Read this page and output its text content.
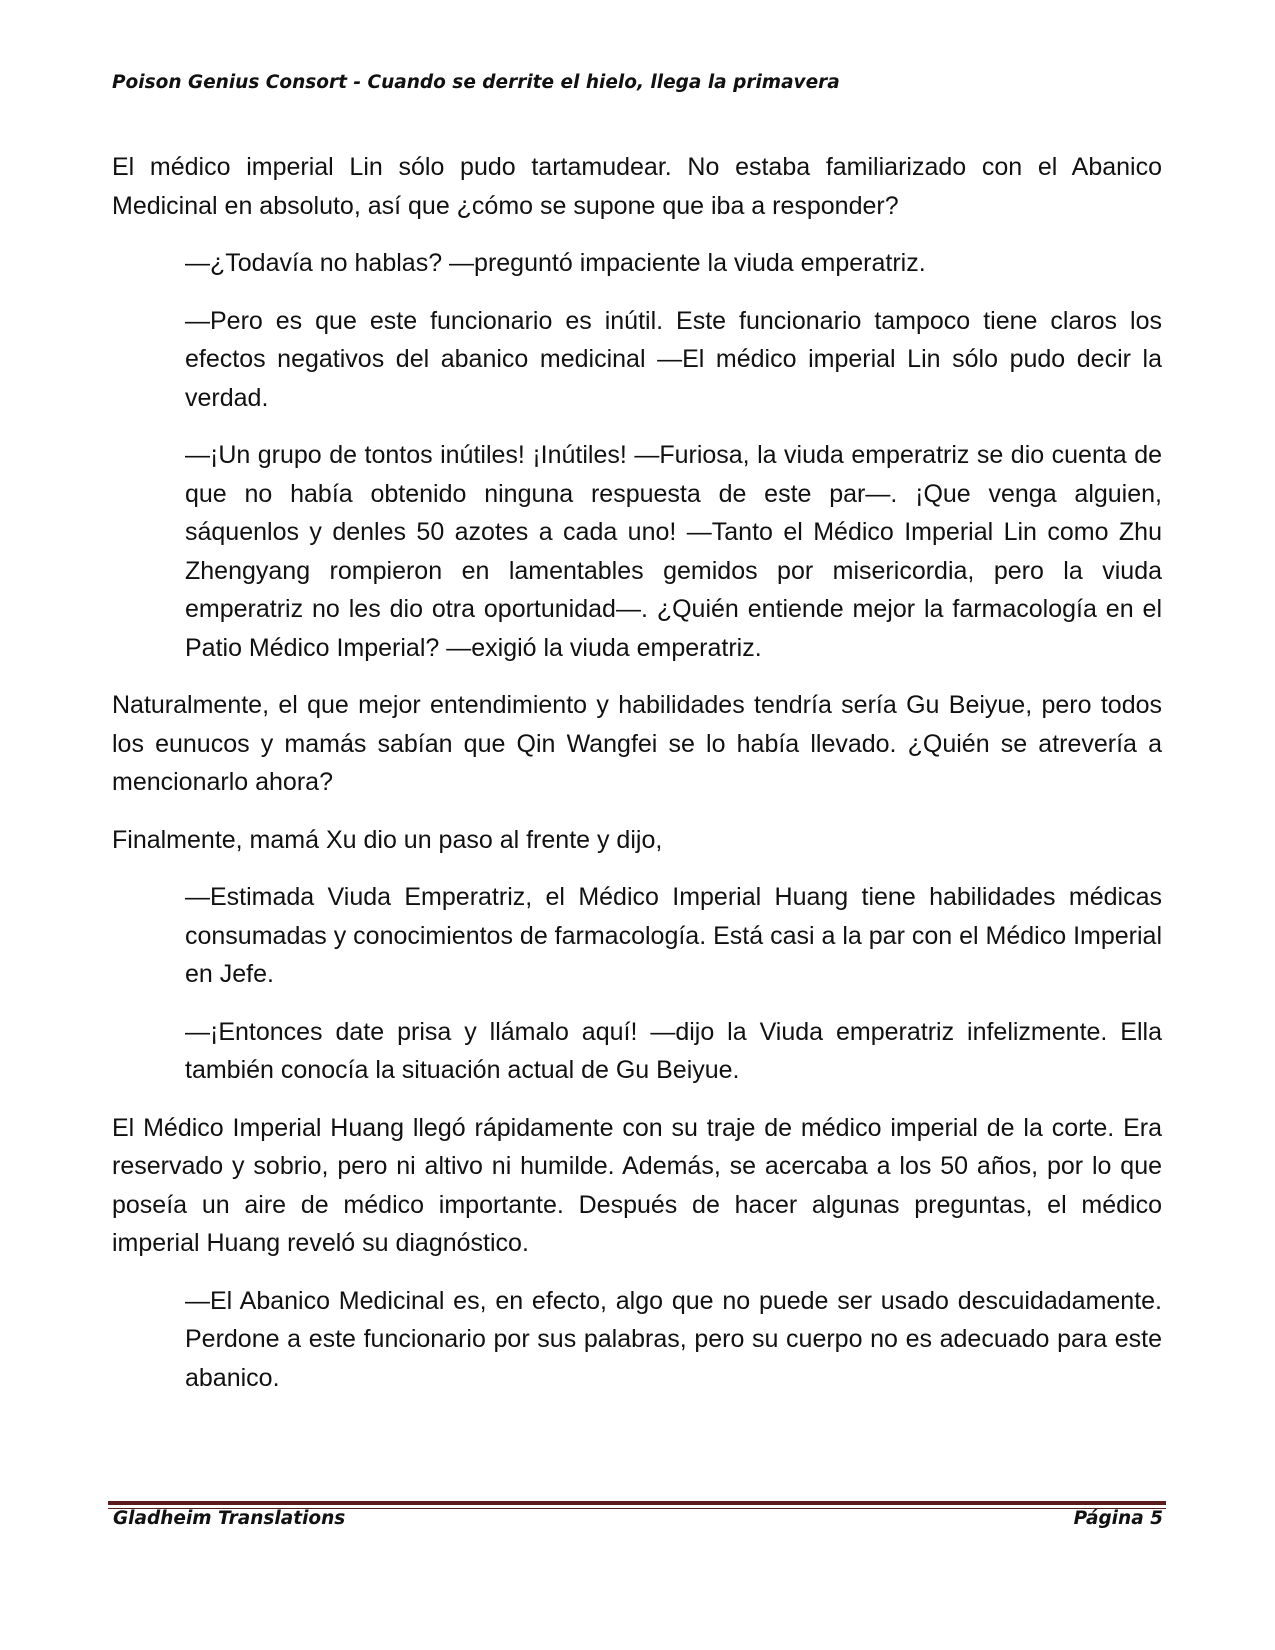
Poison Genius Consort - Cuando se derrite el hielo, llega la primavera

El médico imperial Lin sólo pudo tartamudear. No estaba familiarizado con el Abanico Medicinal en absoluto, así que ¿cómo se supone que iba a responder?

—¿Todavía no hablas? —preguntó impaciente la viuda emperatriz.

—Pero es que este funcionario es inútil. Este funcionario tampoco tiene claros los efectos negativos del abanico medicinal —El médico imperial Lin sólo pudo decir la verdad.

—¡Un grupo de tontos inútiles! ¡Inútiles! —Furiosa, la viuda emperatriz se dio cuenta de que no había obtenido ninguna respuesta de este par—. ¡Que venga alguien, sáquenlos y denles 50 azotes a cada uno! —Tanto el Médico Imperial Lin como Zhu Zhengyang rompieron en lamentables gemidos por misericordia, pero la viuda emperatriz no les dio otra oportunidad—. ¿Quién entiende mejor la farmacología en el Patio Médico Imperial? —exigió la viuda emperatriz.

Naturalmente, el que mejor entendimiento y habilidades tendría sería Gu Beiyue, pero todos los eunucos y mamás sabían que Qin Wangfei se lo había llevado. ¿Quién se atrevería a mencionarlo ahora?

Finalmente, mamá Xu dio un paso al frente y dijo,

—Estimada Viuda Emperatriz, el Médico Imperial Huang tiene habilidades médicas consumadas y conocimientos de farmacología. Está casi a la par con el Médico Imperial en Jefe.

—¡Entonces date prisa y llámalo aquí! —dijo la Viuda emperatriz infelizmente. Ella también conocía la situación actual de Gu Beiyue.

El Médico Imperial Huang llegó rápidamente con su traje de médico imperial de la corte. Era reservado y sobrio, pero ni altivo ni humilde. Además, se acercaba a los 50 años, por lo que poseía un aire de médico importante. Después de hacer algunas preguntas, el médico imperial Huang reveló su diagnóstico.

—El Abanico Medicinal es, en efecto, algo que no puede ser usado descuidadamente. Perdone a este funcionario por sus palabras, pero su cuerpo no es adecuado para este abanico.

Gladheim Translations	Página 5
